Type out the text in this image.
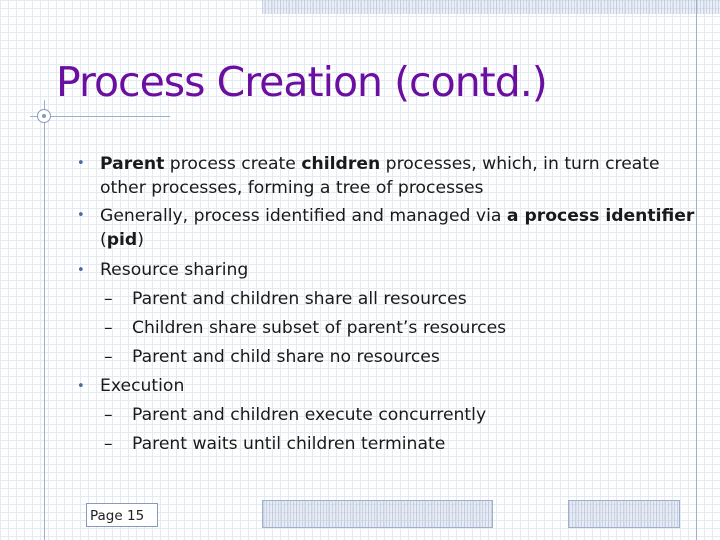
Process Creation (contd.)
• Parent process create children processes, which, in turn create other processes, forming a tree of processes
• Generally, process identified and managed via a process identifier (pid)
• Resource sharing
– Parent and children share all resources
– Children share subset of parent’s resources
– Parent and child share no resources
• Execution
– Parent and children execute concurrently
– Parent waits until children terminate
Page 15
